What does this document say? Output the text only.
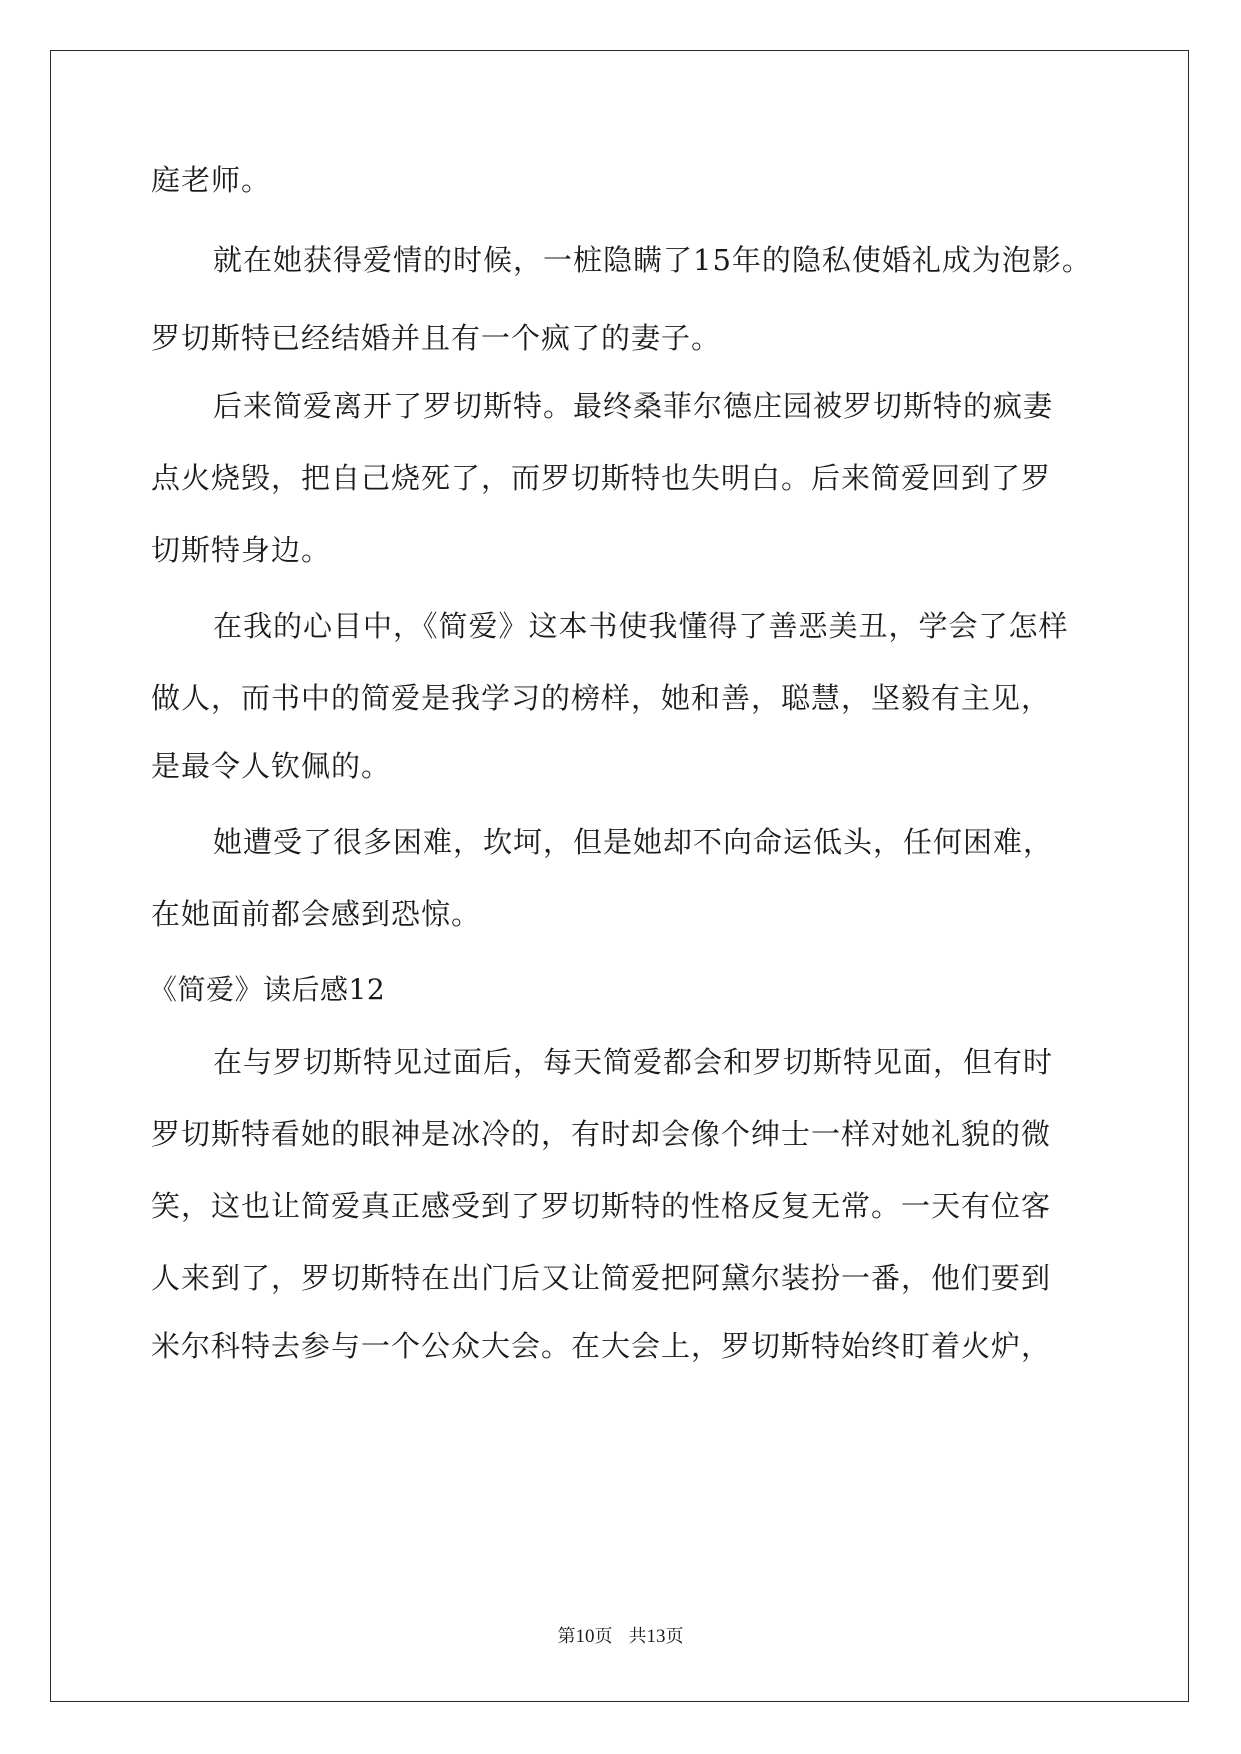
庭老师。
就在她获得爱情的时候，一桩隐瞒了15年的隐私使婚礼成为泡影。
罗切斯特已经结婚并且有一个疯了的妻子。
后来简爱离开了罗切斯特。最终桑菲尔德庄园被罗切斯特的疯妻
点火烧毁，把自己烧死了，而罗切斯特也失明白。后来简爱回到了罗
切斯特身边。
在我的心目中，《简爱》这本书使我懂得了善恶美丑，学会了怎样
做人，而书中的简爱是我学习的榜样，她和善，聪慧，坚毅有主见，
是最令人钦佩的。
她遭受了很多困难，坎坷，但是她却不向命运低头，任何困难，
在她面前都会感到恐惊。
《简爱》读后感12
在与罗切斯特见过面后，每天简爱都会和罗切斯特见面，但有时
罗切斯特看她的眼神是冰冷的，有时却会像个绅士一样对她礼貌的微
笑，这也让简爱真正感受到了罗切斯特的性格反复无常。一天有位客
人来到了，罗切斯特在出门后又让简爱把阿黛尔装扮一番，他们要到
米尔科特去参与一个公众大会。在大会上，罗切斯特始终盯着火炉，
第10页 共13页
